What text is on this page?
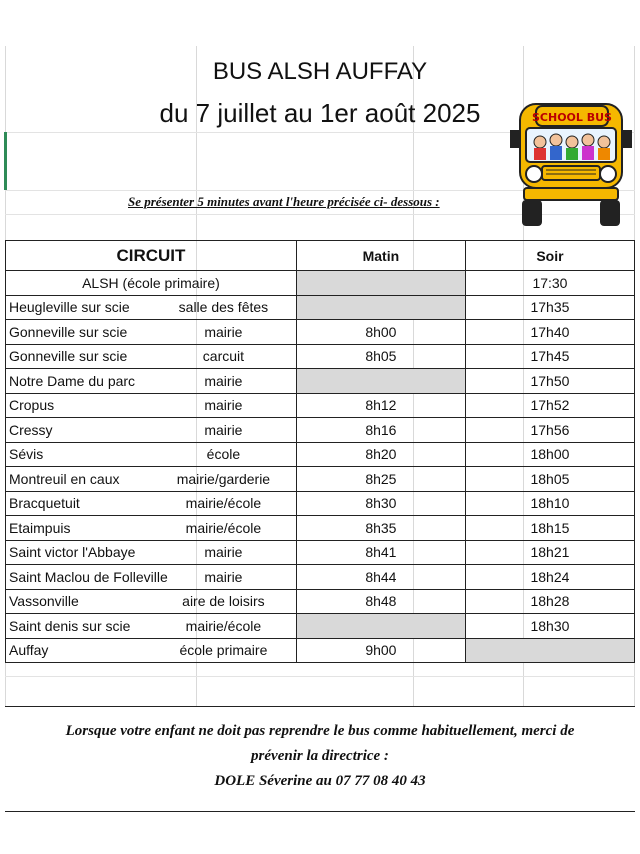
BUS ALSH AUFFAY
du 7 juillet au 1er août 2025
Se présenter 5 minutes avant l'heure précisée ci- dessous :
SCHOOL BUS
CIRCUIT		Matin	Soir
ALSH (école primaire)			17:30
Heugleville sur scie	salle des fêtes		17h35
Gonneville sur scie	mairie	8h00	17h40
Gonneville sur scie	carcuit	8h05	17h45
Notre Dame du parc	mairie		17h50
Cropus	mairie	8h12	17h52
Cressy	mairie	8h16	17h56
Sévis	école	8h20	18h00
Montreuil en caux	mairie/garderie	8h25	18h05
Bracquetuit	mairie/école	8h30	18h10
Etaimpuis	mairie/école	8h35	18h15
Saint victor l'Abbaye	mairie	8h41	18h21
Saint Maclou de Folleville	mairie	8h44	18h24
Vassonville	aire de loisirs	8h48	18h28
Saint denis sur scie	mairie/école		18h30
Auffay	école primaire	9h00	
Lorsque votre enfant ne doit pas reprendre le bus comme habituellement, merci de
prévenir la directrice :
DOLE Séverine au 07 77 08 40 43
